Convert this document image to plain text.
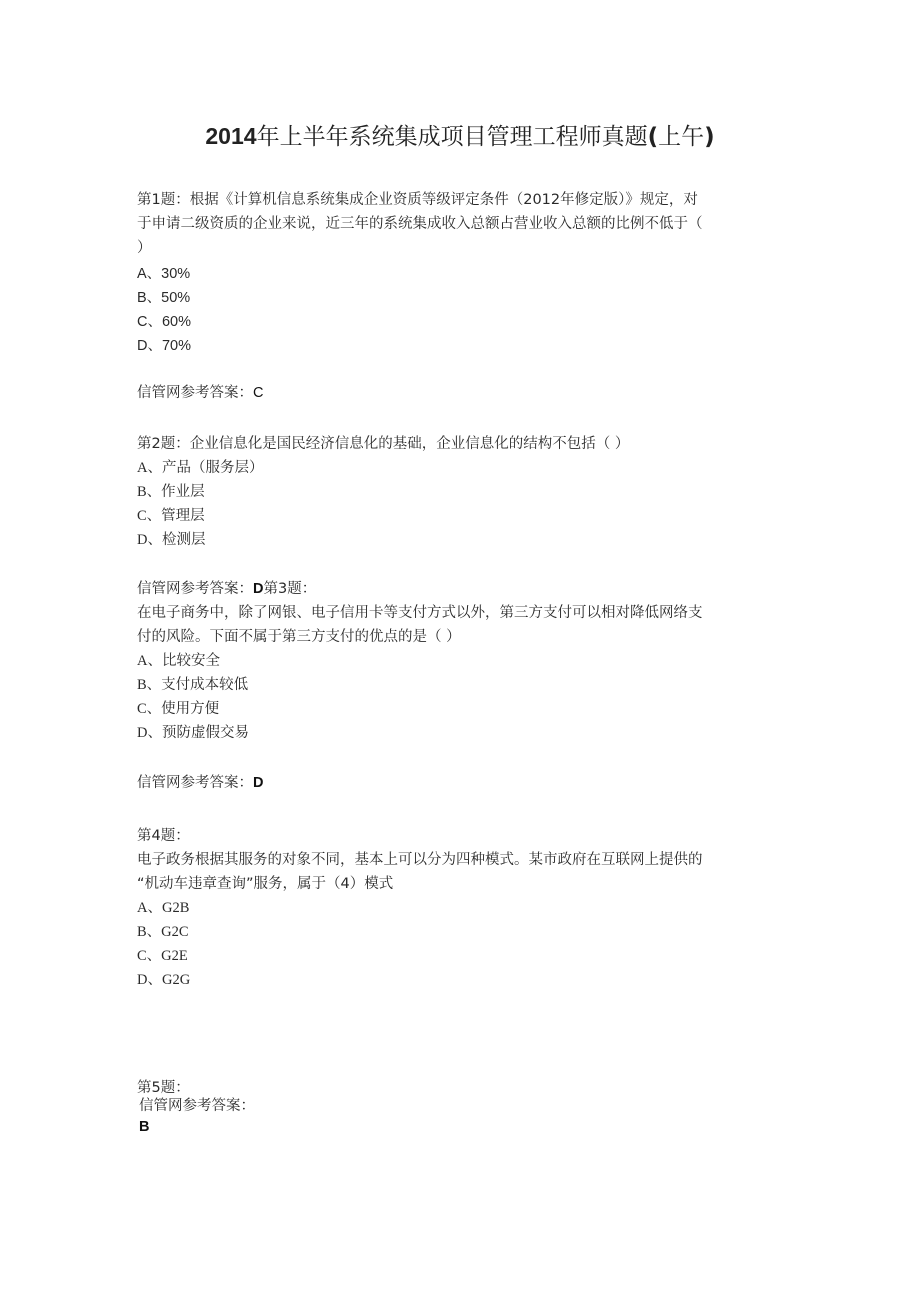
2014年上半年系统集成项目管理工程师真题(上午)
第1题：根据《计算机信息系统集成企业资质等级评定条件（2012年修定版）》规定，对
于申请二级资质的企业来说，近三年的系统集成收入总额占营业收入总额的比例不低于（
）
A、30%
B、50%
C、60%
D、70%
信管网参考答案：C
第2题：企业信息化是国民经济信息化的基础，企业信息化的结构不包括（ ）
A、产品（服务层）
B、作业层
C、管理层
D、检测层
信管网参考答案：D第3题：
在电子商务中，除了网银、电子信用卡等支付方式以外，第三方支付可以相对降低网络支
付的风险。下面不属于第三方支付的优点的是（ ）
A、比较安全
B、支付成本较低
C、使用方便
D、预防虚假交易
信管网参考答案：D
第4题：
电子政务根据其服务的对象不同，基本上可以分为四种模式。某市政府在互联网上提供的
“机动车违章查询”服务，属于（4）模式
A、G2B
B、G2C
C、G2E
D、G2G
第5题：
信管网参考答案：
B
